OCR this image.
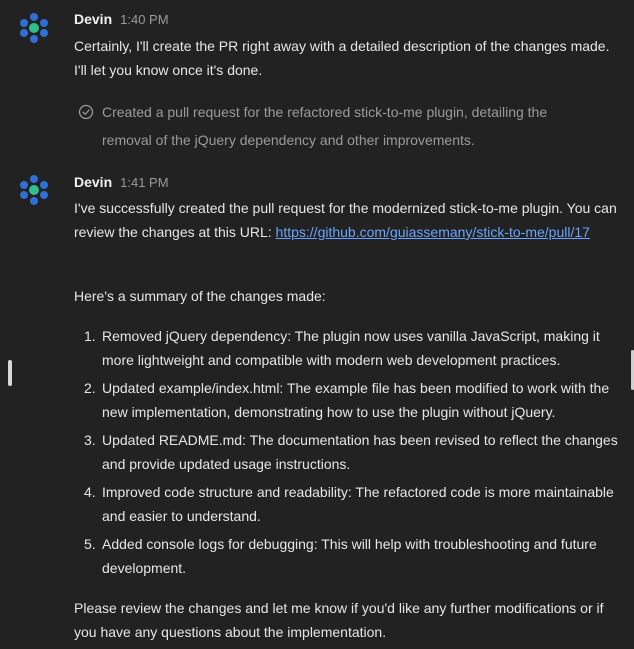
Devin 1:40 PM

Certainly, I'll create the PR right away with a detailed description of the changes made. I'll let you know once it's done.

Created a pull request for the refactored stick-to-me plugin, detailing the removal of the jQuery dependency and other improvements.
Devin 1:41 PM

I've successfully created the pull request for the modernized stick-to-me plugin. You can review the changes at this URL: https://github.com/guiassemany/stick-to-me/pull/17

Here's a summary of the changes made:

1. Removed jQuery dependency: The plugin now uses vanilla JavaScript, making it more lightweight and compatible with modern web development practices.
2. Updated example/index.html: The example file has been modified to work with the new implementation, demonstrating how to use the plugin without jQuery.
3. Updated README.md: The documentation has been revised to reflect the changes and provide updated usage instructions.
4. Improved code structure and readability: The refactored code is more maintainable and easier to understand.
5. Added console logs for debugging: This will help with troubleshooting and future development.

Please review the changes and let me know if you'd like any further modifications or if you have any questions about the implementation.
